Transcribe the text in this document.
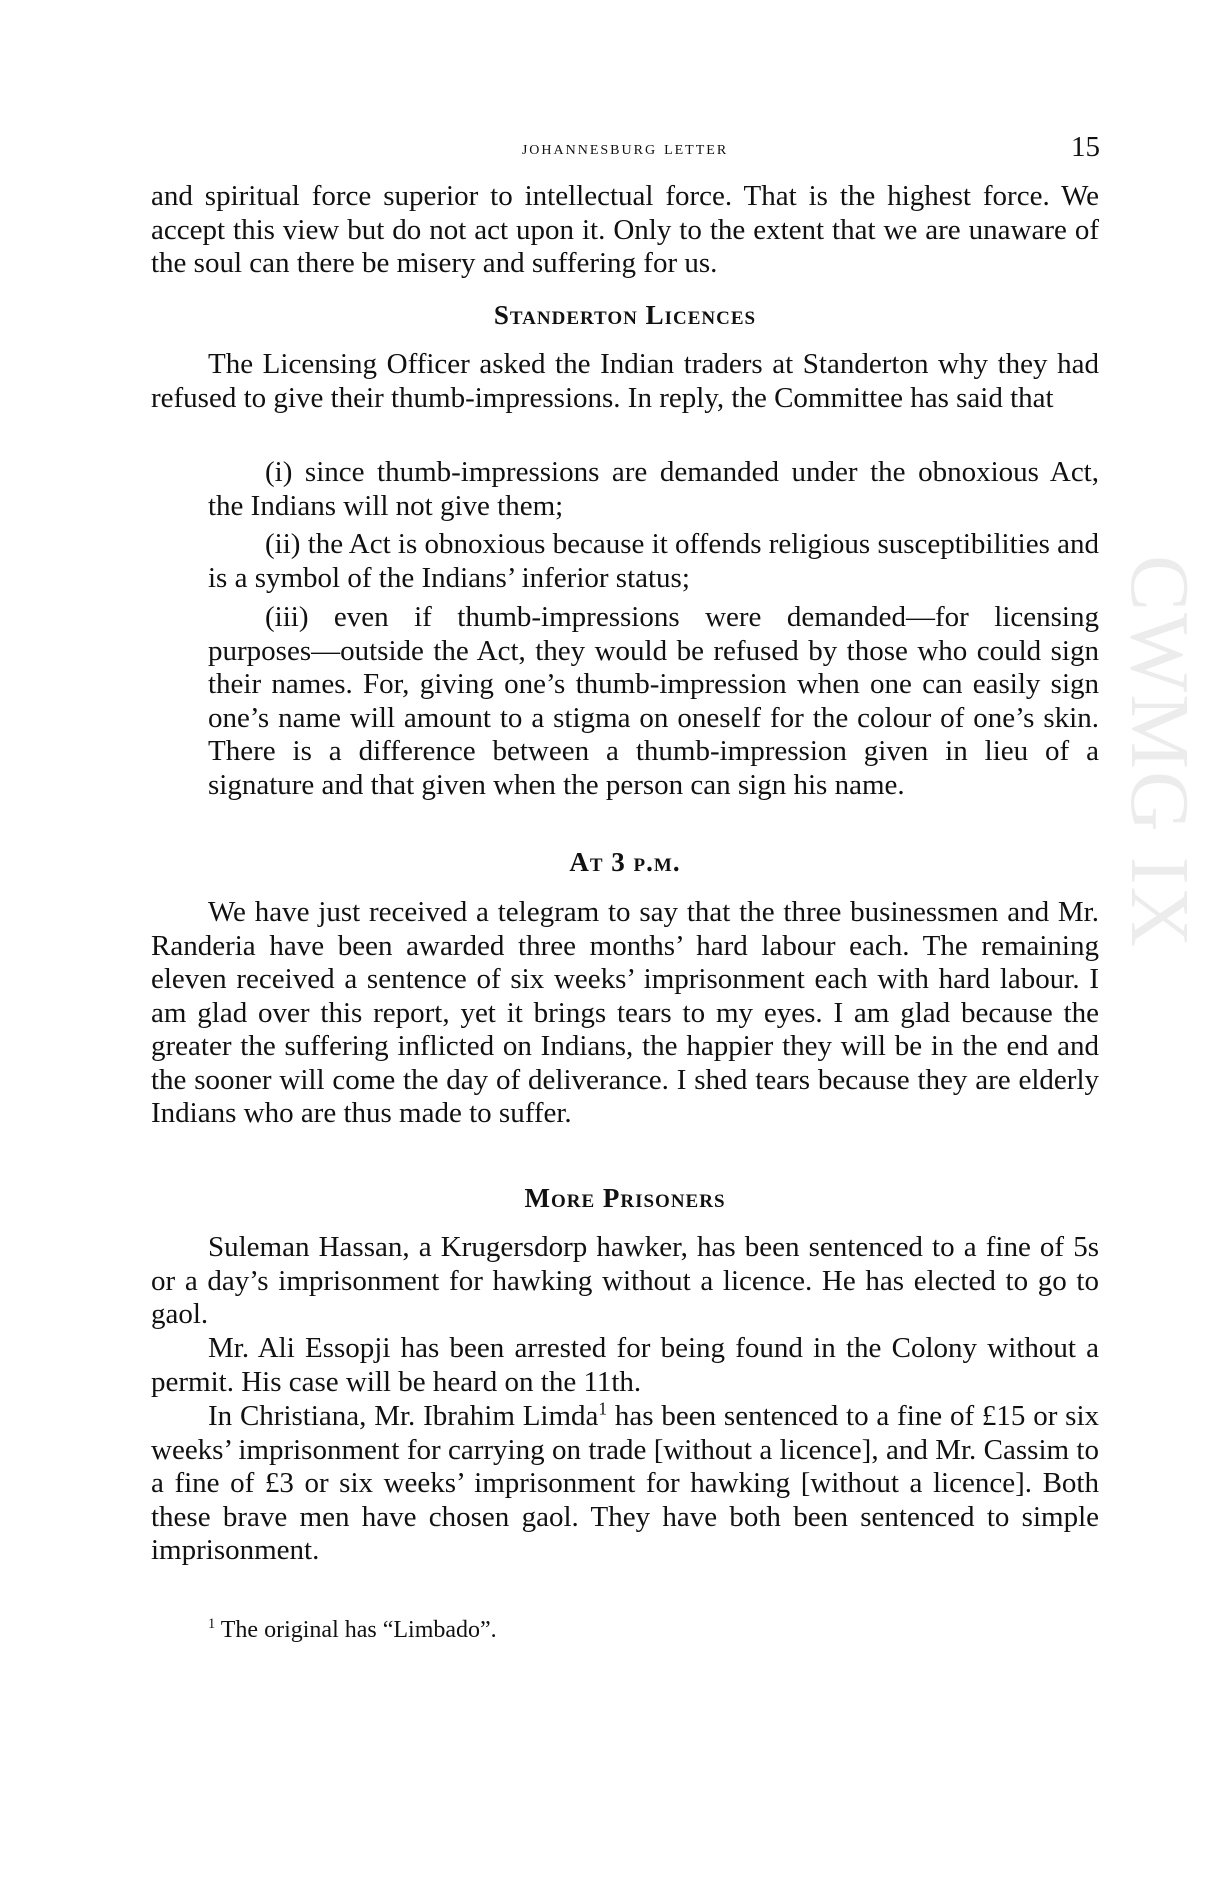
CWMG IX
johannesburg letter	15

and spiritual force superior to intellectual force. That is the highest force. We accept this view but do not act upon it. Only to the extent that we are unaware of the soul can there be misery and suffering for us.

Standerton Licences

The Licensing Officer asked the Indian traders at Standerton why they had refused to give their thumb-impressions. In reply, the Committee has said that

(i) since thumb-impressions are demanded under the obnoxious Act, the Indians will not give them;

(ii) the Act is obnoxious because it offends religious susceptibilities and is a symbol of the Indians’ inferior status;

(iii) even if thumb-impressions were demanded—for licensing purposes—outside the Act, they would be refused by those who could sign their names. For, giving one’s thumb-impression when one can easily sign one’s name will amount to a stigma on oneself for the colour of one’s skin. There is a difference between a thumb-impression given in lieu of a signature and that given when the person can sign his name.

At 3 p.m.

We have just received a telegram to say that the three businessmen and Mr. Randeria have been awarded three months’ hard labour each. The remaining eleven received a sentence of six weeks’ imprisonment each with hard labour. I am glad over this report, yet it brings tears to my eyes. I am glad because the greater the suffering inflicted on Indians, the happier they will be in the end and the sooner will come the day of deliverance. I shed tears because they are elderly Indians who are thus made to suffer.

More Prisoners

Suleman Hassan, a Krugersdorp hawker, has been sentenced to a fine of 5s or a day’s imprisonment for hawking without a licence. He has elected to go to gaol.

Mr. Ali Essopji has been arrested for being found in the Colony without a permit. His case will be heard on the 11th.

In Christiana, Mr. Ibrahim Limda$^1$ has been sentenced to a fine of £15 or six weeks’ imprisonment for carrying on trade [without a licence], and Mr. Cassim to a fine of £3 or six weeks’ imprisonment for hawking [without a licence]. Both these brave men have chosen gaol. They have both been sentenced to simple imprisonment.

$^1$ The original has “Limbado”.
